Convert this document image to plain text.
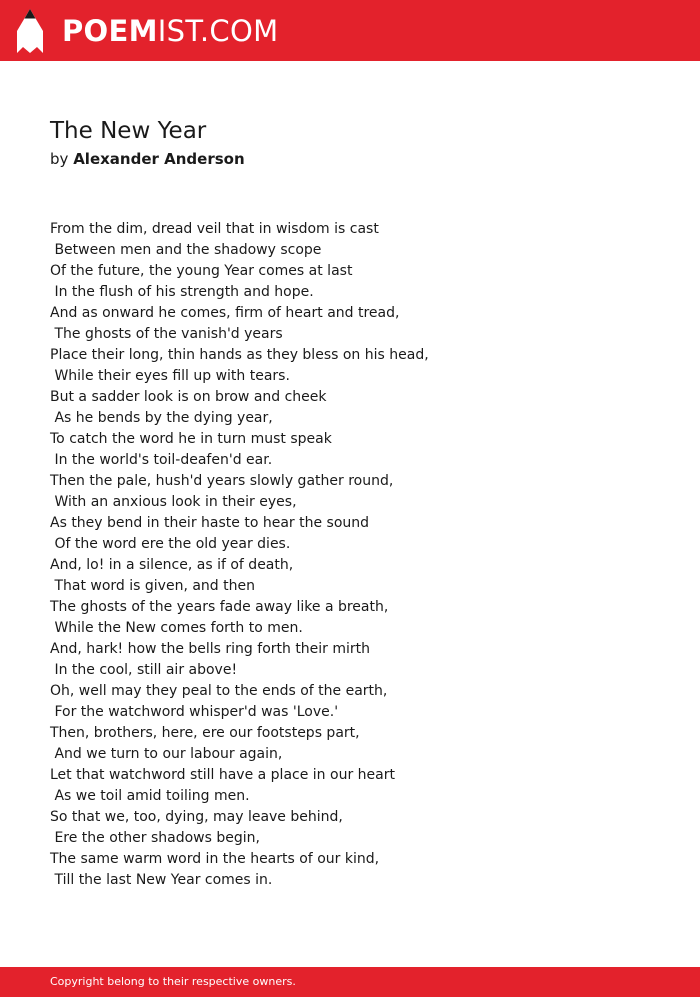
POEMIST.COM
The New Year
by Alexander Anderson
From the dim, dread veil that in wisdom is cast
Between men and the shadowy scope
Of the future, the young Year comes at last
In the flush of his strength and hope.
And as onward he comes, firm of heart and tread,
The ghosts of the vanish'd years
Place their long, thin hands as they bless on his head,
While their eyes fill up with tears.
But a sadder look is on brow and cheek
As he bends by the dying year,
To catch the word he in turn must speak
In the world's toil-deafen'd ear.
Then the pale, hush'd years slowly gather round,
With an anxious look in their eyes,
As they bend in their haste to hear the sound
Of the word ere the old year dies.
And, lo! in a silence, as if of death,
That word is given, and then
The ghosts of the years fade away like a breath,
While the New comes forth to men.
And, hark! how the bells ring forth their mirth
In the cool, still air above!
Oh, well may they peal to the ends of the earth,
For the watchword whisper'd was 'Love.'
Then, brothers, here, ere our footsteps part,
And we turn to our labour again,
Let that watchword still have a place in our heart
As we toil amid toiling men.
So that we, too, dying, may leave behind,
Ere the other shadows begin,
The same warm word in the hearts of our kind,
Till the last New Year comes in.
Copyright belong to their respective owners.
